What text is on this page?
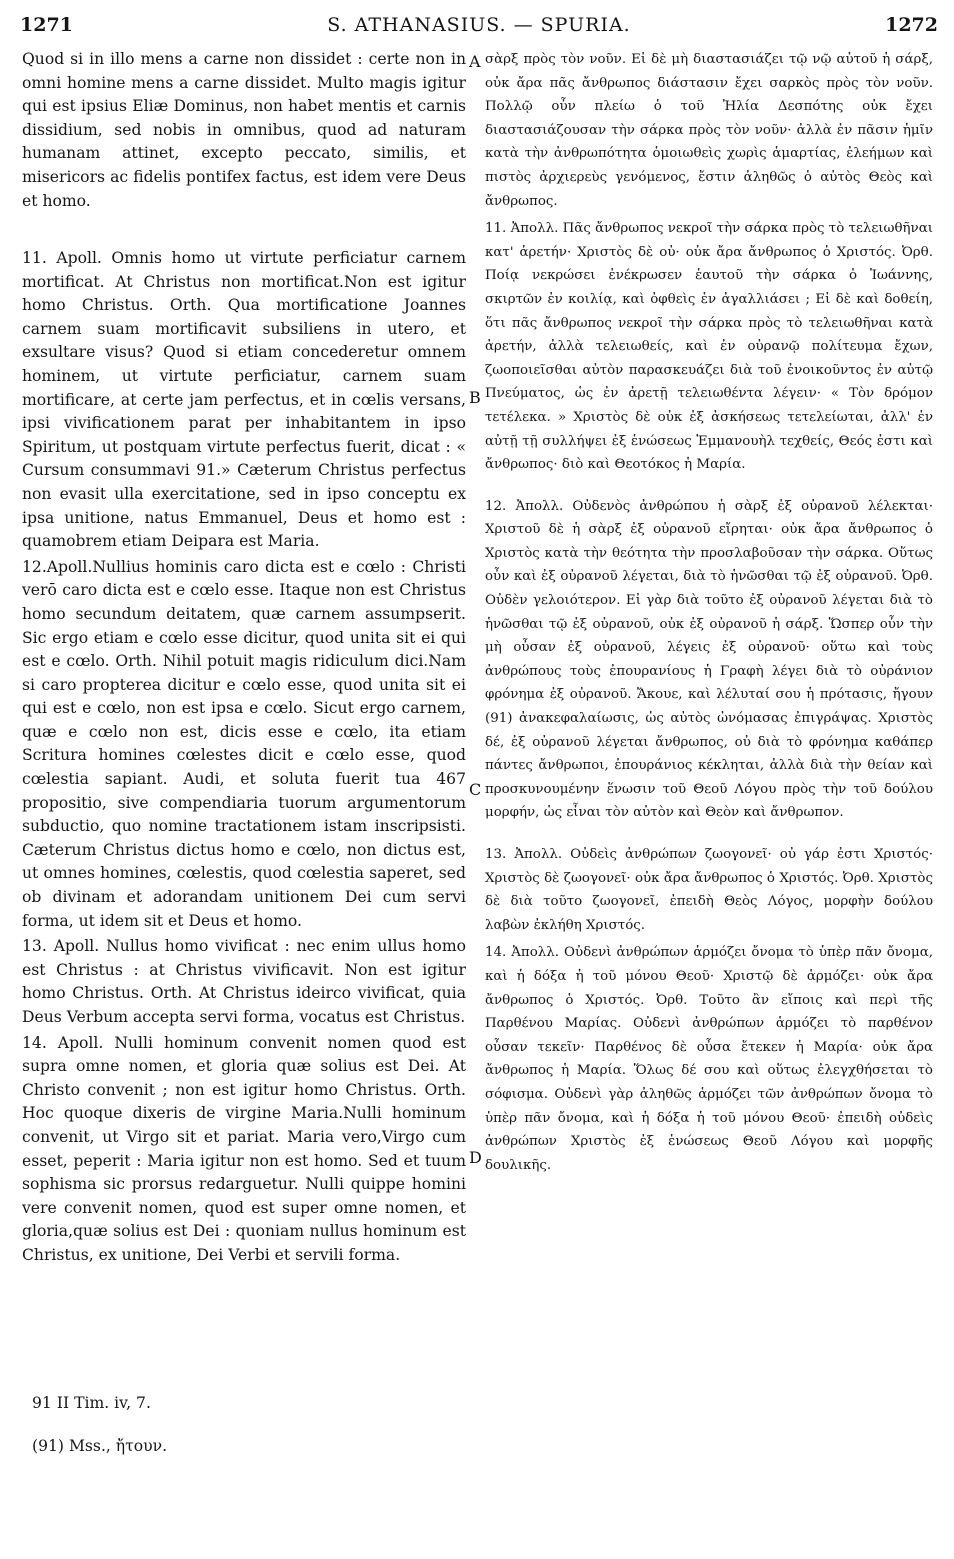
1271	S. ATHANASIUS. — SPURIA.	1272

Quod si in illo mens a carne non dissidet : certe non in omni homine mens a carne dissidet. Multo magis igitur qui est ipsius Eliæ Dominus, non habet mentis et carnis dissidium, sed nobis in omnibus, quod ad naturam humanam attinet, excepto peccato, similis, et misericors ac fidelis pontifex factus, est idem vere Deus et homo.

11. Apoll. Omnis homo ut virtute perficiatur carnem mortificat. At Christus non mortificat.Non est igitur homo Christus. Orth. Qua mortificatione Joannes carnem suam mortificavit subsiliens in utero, et exsultare visus? Quod si etiam concederetur omnem hominem, ut virtute perficiatur, carnem suam mortificare, at certe jam perfectus, et in cœlis versans, ipsi vivificationem parat per inhabitantem in ipso Spiritum, ut postquam virtute perfectus fuerit, dicat : « Cursum consummavi 91.» Cæterum Christus perfectus non evasit ulla exercitatione, sed in ipso conceptu ex ipsa unitione, natus Emmanuel, Deus et homo est : quamobrem etiam Deipara est Maria.

12.Apoll.Nullius hominis caro dicta est e cœlo : Christi verō caro dicta est e cœlo esse. Itaque non est Christus homo secundum deitatem, quæ carnem assumpserit. Sic ergo etiam e cœlo esse dicitur, quod unita sit ei qui est e cœlo. Orth. Nihil potuit magis ridiculum dici.Nam si caro propterea dicitur e cœlo esse, quod unita sit ei qui est e cœlo, non est ipsa e cœlo. Sicut ergo carnem, quæ e cœlo non est, dicis esse e cœlo, ita etiam Scritura homines cœlestes dicit e cœlo esse, quod cœlestia sapiant. Audi, et soluta fuerit tua 467 propositio, sive compendiaria tuorum argumentorum subductio, quo nomine tractationem istam inscripsisti. Cæterum Christus dictus homo e cœlo, non dictus est, ut omnes homines, cœlestis, quod cœlestia saperet, sed ob divinam et adorandam unitionem Dei cum servi forma, ut idem sit et Deus et homo.

13. Apoll. Nullus homo vivificat : nec enim ullus homo est Christus : at Christus vivificavit. Non est igitur homo Christus. Orth. At Christus ideirco vivificat, quia Deus Verbum accepta servi forma, vocatus est Christus.

14. Apoll. Nulli hominum convenit nomen quod est supra omne nomen, et gloria quæ solius est Dei. At Christo convenit ; non est igitur homo Christus. Orth. Hoc quoque dixeris de virgine Maria.Nulli hominum convenit, ut Virgo sit et pariat. Maria vero,Virgo cum esset, peperit : Maria igitur non est homo. Sed et tuum sophisma sic prorsus redarguetur. Nulli quippe homini vere convenit nomen, quod est super omne nomen, et gloria,quæ solius est Dei : quoniam nullus hominum est Christus, ex unitione, Dei Verbi et servili forma.

σὰρξ πρὸς τὸν νοῦν. Εἰ δὲ μὴ διαστασιάζει τῷ νῷ αὐτοῦ ἡ σάρξ, οὐκ ἄρα πᾶς ἄνθρωπος διάστασιν ἔχει σαρκὸς πρὸς τὸν νοῦν. Πολλῷ οὖν πλείω ὁ τοῦ Ἠλία Δεσπότης οὐκ ἔχει διαστασιάζουσαν τὴν σάρκα πρὸς τὸν νοῦν· ἀλλὰ ἐν πᾶσιν ἡμῖν κατὰ τὴν ἀνθρωπότητα ὁμοιωθεὶς χωρὶς ἁμαρτίας, ἐλεήμων καὶ πιστὸς ἀρχιερεὺς γενόμενος, ἔστιν ἀληθῶς ὁ αὐτὸς Θεὸς καὶ ἄνθρωπος.

11. Ἀπολλ. Πᾶς ἄνθρωπος νεκροῖ τὴν σάρκα πρὸς τὸ τελειωθῆναι κατ' ἀρετήν· Χριστὸς δὲ οὐ· οὐκ ἄρα ἄνθρωπος ὁ Χριστός. Ὀρθ. Ποίᾳ νεκρώσει ἐνέκρωσεν ἑαυτοῦ τὴν σάρκα ὁ Ἰωάννης, σκιρτῶν ἐν κοιλίᾳ, καὶ ὀφθεὶς ἐν ἀγαλλιάσει ; Εἰ δὲ καὶ δοθείη, ὅτι πᾶς ἄνθρωπος νεκροῖ τὴν σάρκα πρὸς τὸ τελειωθῆναι κατὰ ἀρετήν, ἀλλὰ τελειωθείς, καὶ ἐν οὐρανῷ πολίτευμα ἔχων, ζωοποιεῖσθαι αὐτὸν παρασκευάζει διὰ τοῦ ἐνοικοῦντος ἐν αὐτῷ Πνεύματος, ὡς ἐν ἀρετῇ τελειωθέντα λέγειν· « Τὸν δρόμον τετέλεκα. » Χριστὸς δὲ οὐκ ἐξ ἀσκήσεως τετελείωται, ἀλλ' ἐν αὐτῇ τῇ συλλήψει ἐξ ἑνώσεως Ἐμμανουὴλ τεχθείς, Θεός ἐστι καὶ ἄνθρωπος· διὸ καὶ Θεοτόκος ἡ Μαρία.

12. Ἀπολλ. Οὐδενὸς ἀνθρώπου ἡ σὰρξ ἐξ οὐρανοῦ λέλεκται· Χριστοῦ δὲ ἡ σὰρξ ἐξ οὐρανοῦ εἴρηται· οὐκ ἄρα ἄνθρωπος ὁ Χριστὸς κατὰ τὴν θεότητα τὴν προσλαβοῦσαν τὴν σάρκα. Οὕτως οὖν καὶ ἐξ οὐρανοῦ λέγεται, διὰ τὸ ἡνῶσθαι τῷ ἐξ οὐρανοῦ. Ὀρθ. Οὐδὲν γελοιότερον. Εἰ γὰρ διὰ τοῦτο ἐξ οὐρανοῦ λέγεται διὰ τὸ ἡνῶσθαι τῷ ἐξ οὐρανοῦ, οὐκ ἐξ οὐρανοῦ ἡ σάρξ. Ὥσπερ οὖν τὴν μὴ οὖσαν ἐξ οὐρανοῦ, λέγεις ἐξ οὐρανοῦ· οὕτω καὶ τοὺς ἀνθρώπους τοὺς ἐπουρανίους ἡ Γραφὴ λέγει διὰ τὸ οὐράνιον φρόνημα ἐξ οὐρανοῦ. Ἄκουε, καὶ λέλυταί σου ἡ πρότασις, ἤγουν (91) ἀνακεφαλαίωσις, ὡς αὐτὸς ὠνόμασας ἐπιγράψας. Χριστὸς δέ, ἐξ οὐρανοῦ λέγεται ἄνθρωπος, οὐ διὰ τὸ φρόνημα καθάπερ πάντες ἄνθρωποι, ἐπουράνιος κέκληται, ἀλλὰ διὰ τὴν θείαν καὶ προσκυνουμένην ἕνωσιν τοῦ Θεοῦ Λόγου πρὸς τὴν τοῦ δούλου μορφήν, ὡς εἶναι τὸν αὐτὸν καὶ Θεὸν καὶ ἄνθρωπον.

13. Ἀπολλ. Οὐδεὶς ἀνθρώπων ζωογονεῖ· οὐ γάρ ἐστι Χριστός· Χριστὸς δὲ ζωογονεῖ· οὐκ ἄρα ἄνθρωπος ὁ Χριστός. Ὀρθ. Χριστὸς δὲ διὰ τοῦτο ζωογονεῖ, ἐπειδὴ Θεὸς Λόγος, μορφὴν δούλου λαβὼν ἐκλήθη Χριστός.

14. Ἀπολλ. Οὐδενὶ ἀνθρώπων ἁρμόζει ὄνομα τὸ ὑπὲρ πᾶν ὄνομα, καὶ ἡ δόξα ἡ τοῦ μόνου Θεοῦ· Χριστῷ δὲ ἁρμόζει· οὐκ ἄρα ἄνθρωπος ὁ Χριστός. Ὀρθ. Τοῦτο ἂν εἴποις καὶ περὶ τῆς Παρθένου Μαρίας. Οὐδενὶ ἀνθρώπων ἁρμόζει τὸ παρθένον οὖσαν τεκεῖν· Παρθένος δὲ οὖσα ἔτεκεν ἡ Μαρία· οὐκ ἄρα ἄνθρωπος ἡ Μαρία. Ὅλως δέ σου καὶ οὕτως ἐλεγχθήσεται τὸ σόφισμα. Οὐδενὶ γὰρ ἀληθῶς ἁρμόζει τῶν ἀνθρώπων ὄνομα τὸ ὑπὲρ πᾶν ὄνομα, καὶ ἡ δόξα ἡ τοῦ μόνου Θεοῦ· ἐπειδὴ οὐδεὶς ἀνθρώπων Χριστὸς ἐξ ἑνώσεως Θεοῦ Λόγου καὶ μορφῆς δουλικῆς.

A
B
C
D
91 II Tim. iv, 7.
(91) Mss., ἤτουν.
